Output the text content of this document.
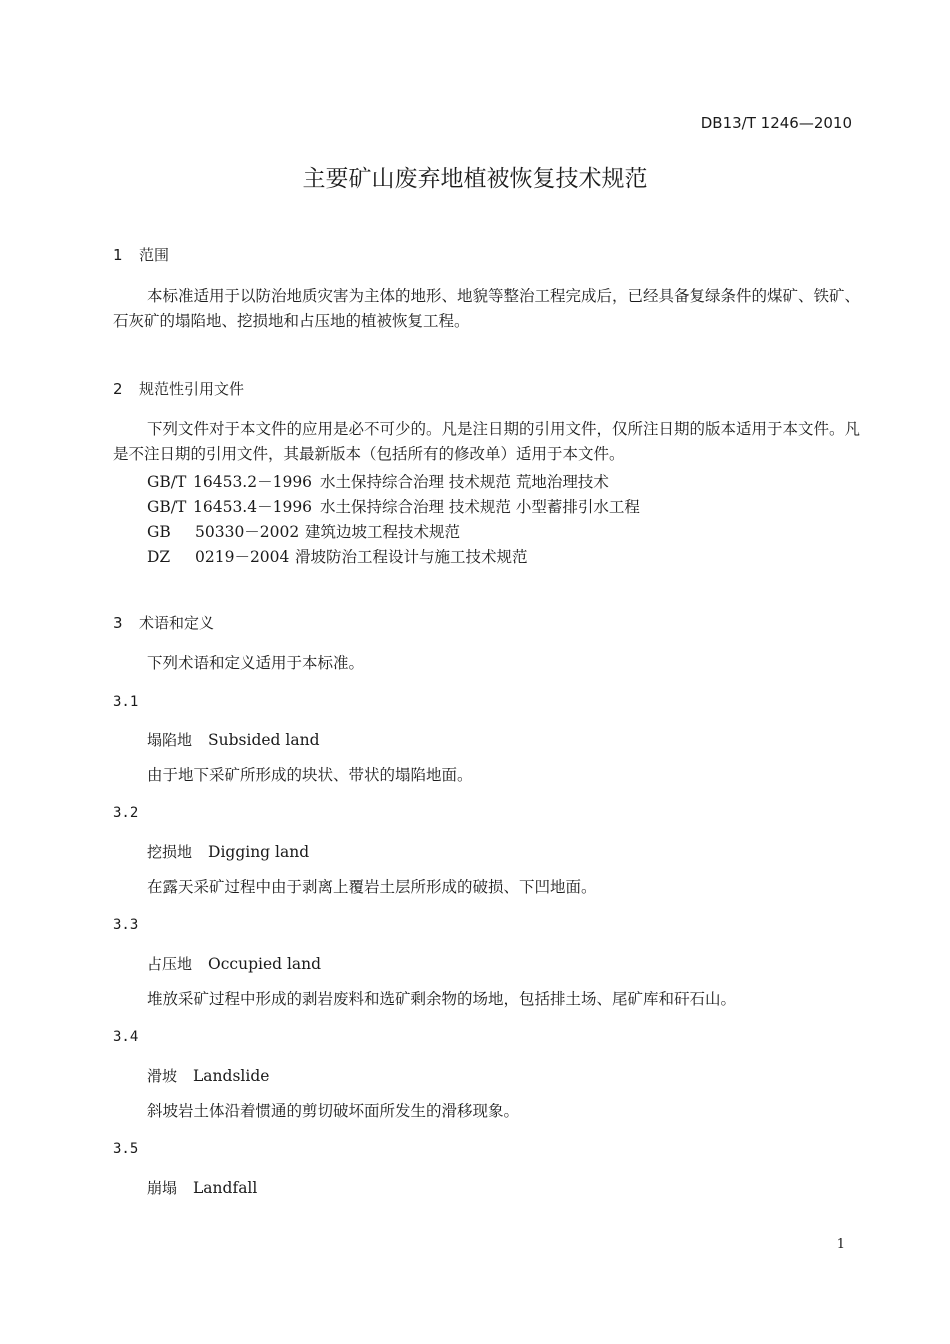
DB13/T 1246—2010
主要矿山废弃地植被恢复技术规范
1 范围
本标准适用于以防治地质灾害为主体的地形、地貌等整治工程完成后，已经具备复绿条件的煤矿、铁矿、石灰矿的塌陷地、挖损地和占压地的植被恢复工程。
2 规范性引用文件
下列文件对于本文件的应用是必不可少的。凡是注日期的引用文件，仅所注日期的版本适用于本文件。凡是不注日期的引用文件，其最新版本（包括所有的修改单）适用于本文件。
GB/T 16453.2－1996 水土保持综合治理 技术规范 荒地治理技术
GB/T 16453.4－1996 水土保持综合治理 技术规范 小型蓄排引水工程
GB 50330－2002 建筑边坡工程技术规范
DZ 0219－2004 滑坡防治工程设计与施工技术规范
3 术语和定义
下列术语和定义适用于本标准。
3.1
塌陷地 Subsided land
由于地下采矿所形成的块状、带状的塌陷地面。
3.2
挖损地 Digging land
在露天采矿过程中由于剥离上覆岩土层所形成的破损、下凹地面。
3.3
占压地 Occupied land
堆放采矿过程中形成的剥岩废料和选矿剩余物的场地，包括排土场、尾矿库和矸石山。
3.4
滑坡 Landslide
斜坡岩土体沿着惯通的剪切破坏面所发生的滑移现象。
3.5
崩塌 Landfall
1
